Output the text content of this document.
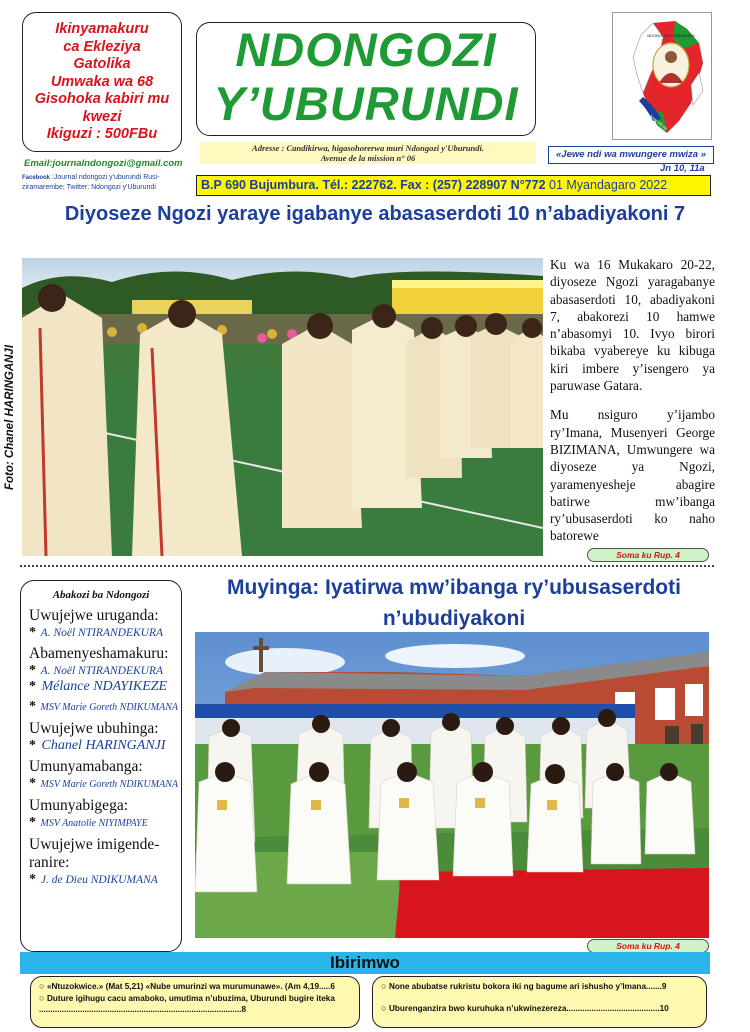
Ikinyamakuru
ca Ekleziya
Gatolika
Umwaka wa 68
Gisohoka kabiri mu
kwezi
Ikiguzi : 500FBu
Email:journalndongozi@gmail.com
Facebook :Journal ndongozi y'uburundi Rusi-ziramarembe; Twitter: Ndongozi y'Uburundi
NDONGOZI
Y’UBURUNDI
Adresse : Candikirwa, higasohorerwa muri Ndongozi y'Uburundi.
Avenue de la mission n° 06
NDONGOZI Y'UBURUNDI
Jewe ndi wa
«Jewe ndi wa mwungere mwiza »
Jn 10, 11a
B.P 690 Bujumbura. Tél.: 222762. Fax : (257) 228907 N°772 01 Myandagaro 2022
Diyoseze Ngozi yaraye igabanye abasaserdoti 10 n’abadiyakoni 7
Foto: Chanel HARINGANJI

Ku wa 16 Mukakaro 20-22, diyoseze Ngozi yaragabanye abasaserdoti 10, abadiyakoni 7, abakorezi 10 hamwe n’abasomyi 10. Ivyo birori bikaba vyabereye ku kibuga kiri imbere y’isengero ya paruwase Gatara.

Mu nsiguro y’ijambo ry’Imana, Musenyeri George BIZIMANA, Umwungere wa diyoseze ya Ngozi, yaramenyesheje abagire batirwe mw’ibanga ry’ubusaserdoti ko naho batorewe

Soma ku Rup. 4
Abakozi ba Ndongozi
Uwujejwe uruganda:
* A. Noël NTIRANDEKURA
Abamenyeshamakuru:
* A. Noël NTIRANDEKURA
* Mélance NDAYIKEZE
* MSV Marie Goreth NDIKUMANA
Uwujejwe ubuhinga:
* Chanel HARINGANJI
Umunyamabanga:
* MSV Marie Goreth NDIKUMANA
Umunyabigega:
* MSV Anatolie NIYIMPAYE
Uwujejwe imigende-ranire:
* J. de Dieu NDIKUMANA
Muyinga: Iyatirwa mw’ibanga ry’ubusaserdoti n’ubudiyakoni
Soma ku Rup. 4
Ibirimwo
○ «Ntuzokwice.» (Mat 5,21) «Nube umurinzi wa murumunawe». (Am 4,19.....6
○ Duture igihugu cacu amaboko, umutima n’ubuzima, Uburundi bugire iteka .........................................................................................8
○ None abubatse rukristu bokora iki ng bagume ari ishusho y’Imana.......9
○ Uburenganzira bwo kuruhuka n’ukwinezereza.........................................10
